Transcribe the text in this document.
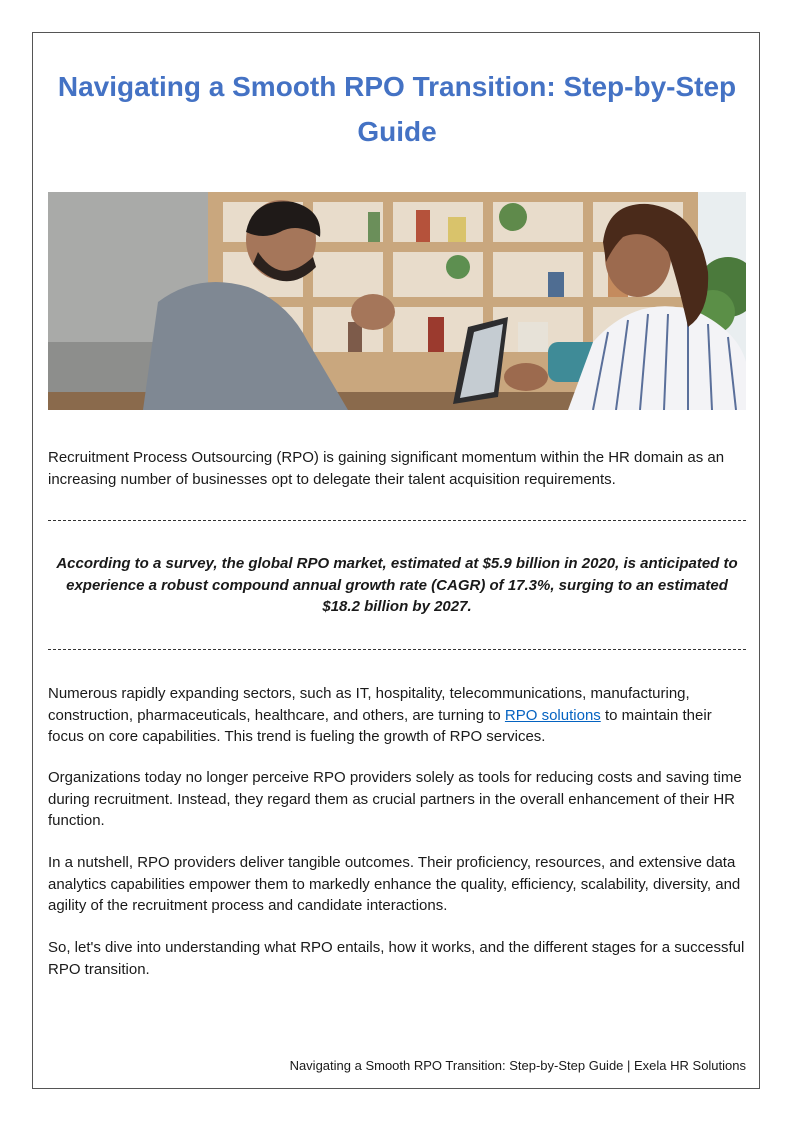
Navigating a Smooth RPO Transition: Step-by-Step Guide

Recruitment Process Outsourcing (RPO) is gaining significant momentum within the HR domain as an increasing number of businesses opt to delegate their talent acquisition requirements.

According to a survey, the global RPO market, estimated at $5.9 billion in 2020, is anticipated to experience a robust compound annual growth rate (CAGR) of 17.3%, surging to an estimated $18.2 billion by 2027.

Numerous rapidly expanding sectors, such as IT, hospitality, telecommunications, manufacturing, construction, pharmaceuticals, healthcare, and others, are turning to RPO solutions to maintain their focus on core capabilities. This trend is fueling the growth of RPO services.

Organizations today no longer perceive RPO providers solely as tools for reducing costs and saving time during recruitment. Instead, they regard them as crucial partners in the overall enhancement of their HR function.

In a nutshell, RPO providers deliver tangible outcomes. Their proficiency, resources, and extensive data analytics capabilities empower them to markedly enhance the quality, efficiency, scalability, diversity, and agility of the recruitment process and candidate interactions.

So, let's dive into understanding what RPO entails, how it works, and the different stages for a successful RPO transition.

Navigating a Smooth RPO Transition: Step-by-Step Guide | Exela HR Solutions
